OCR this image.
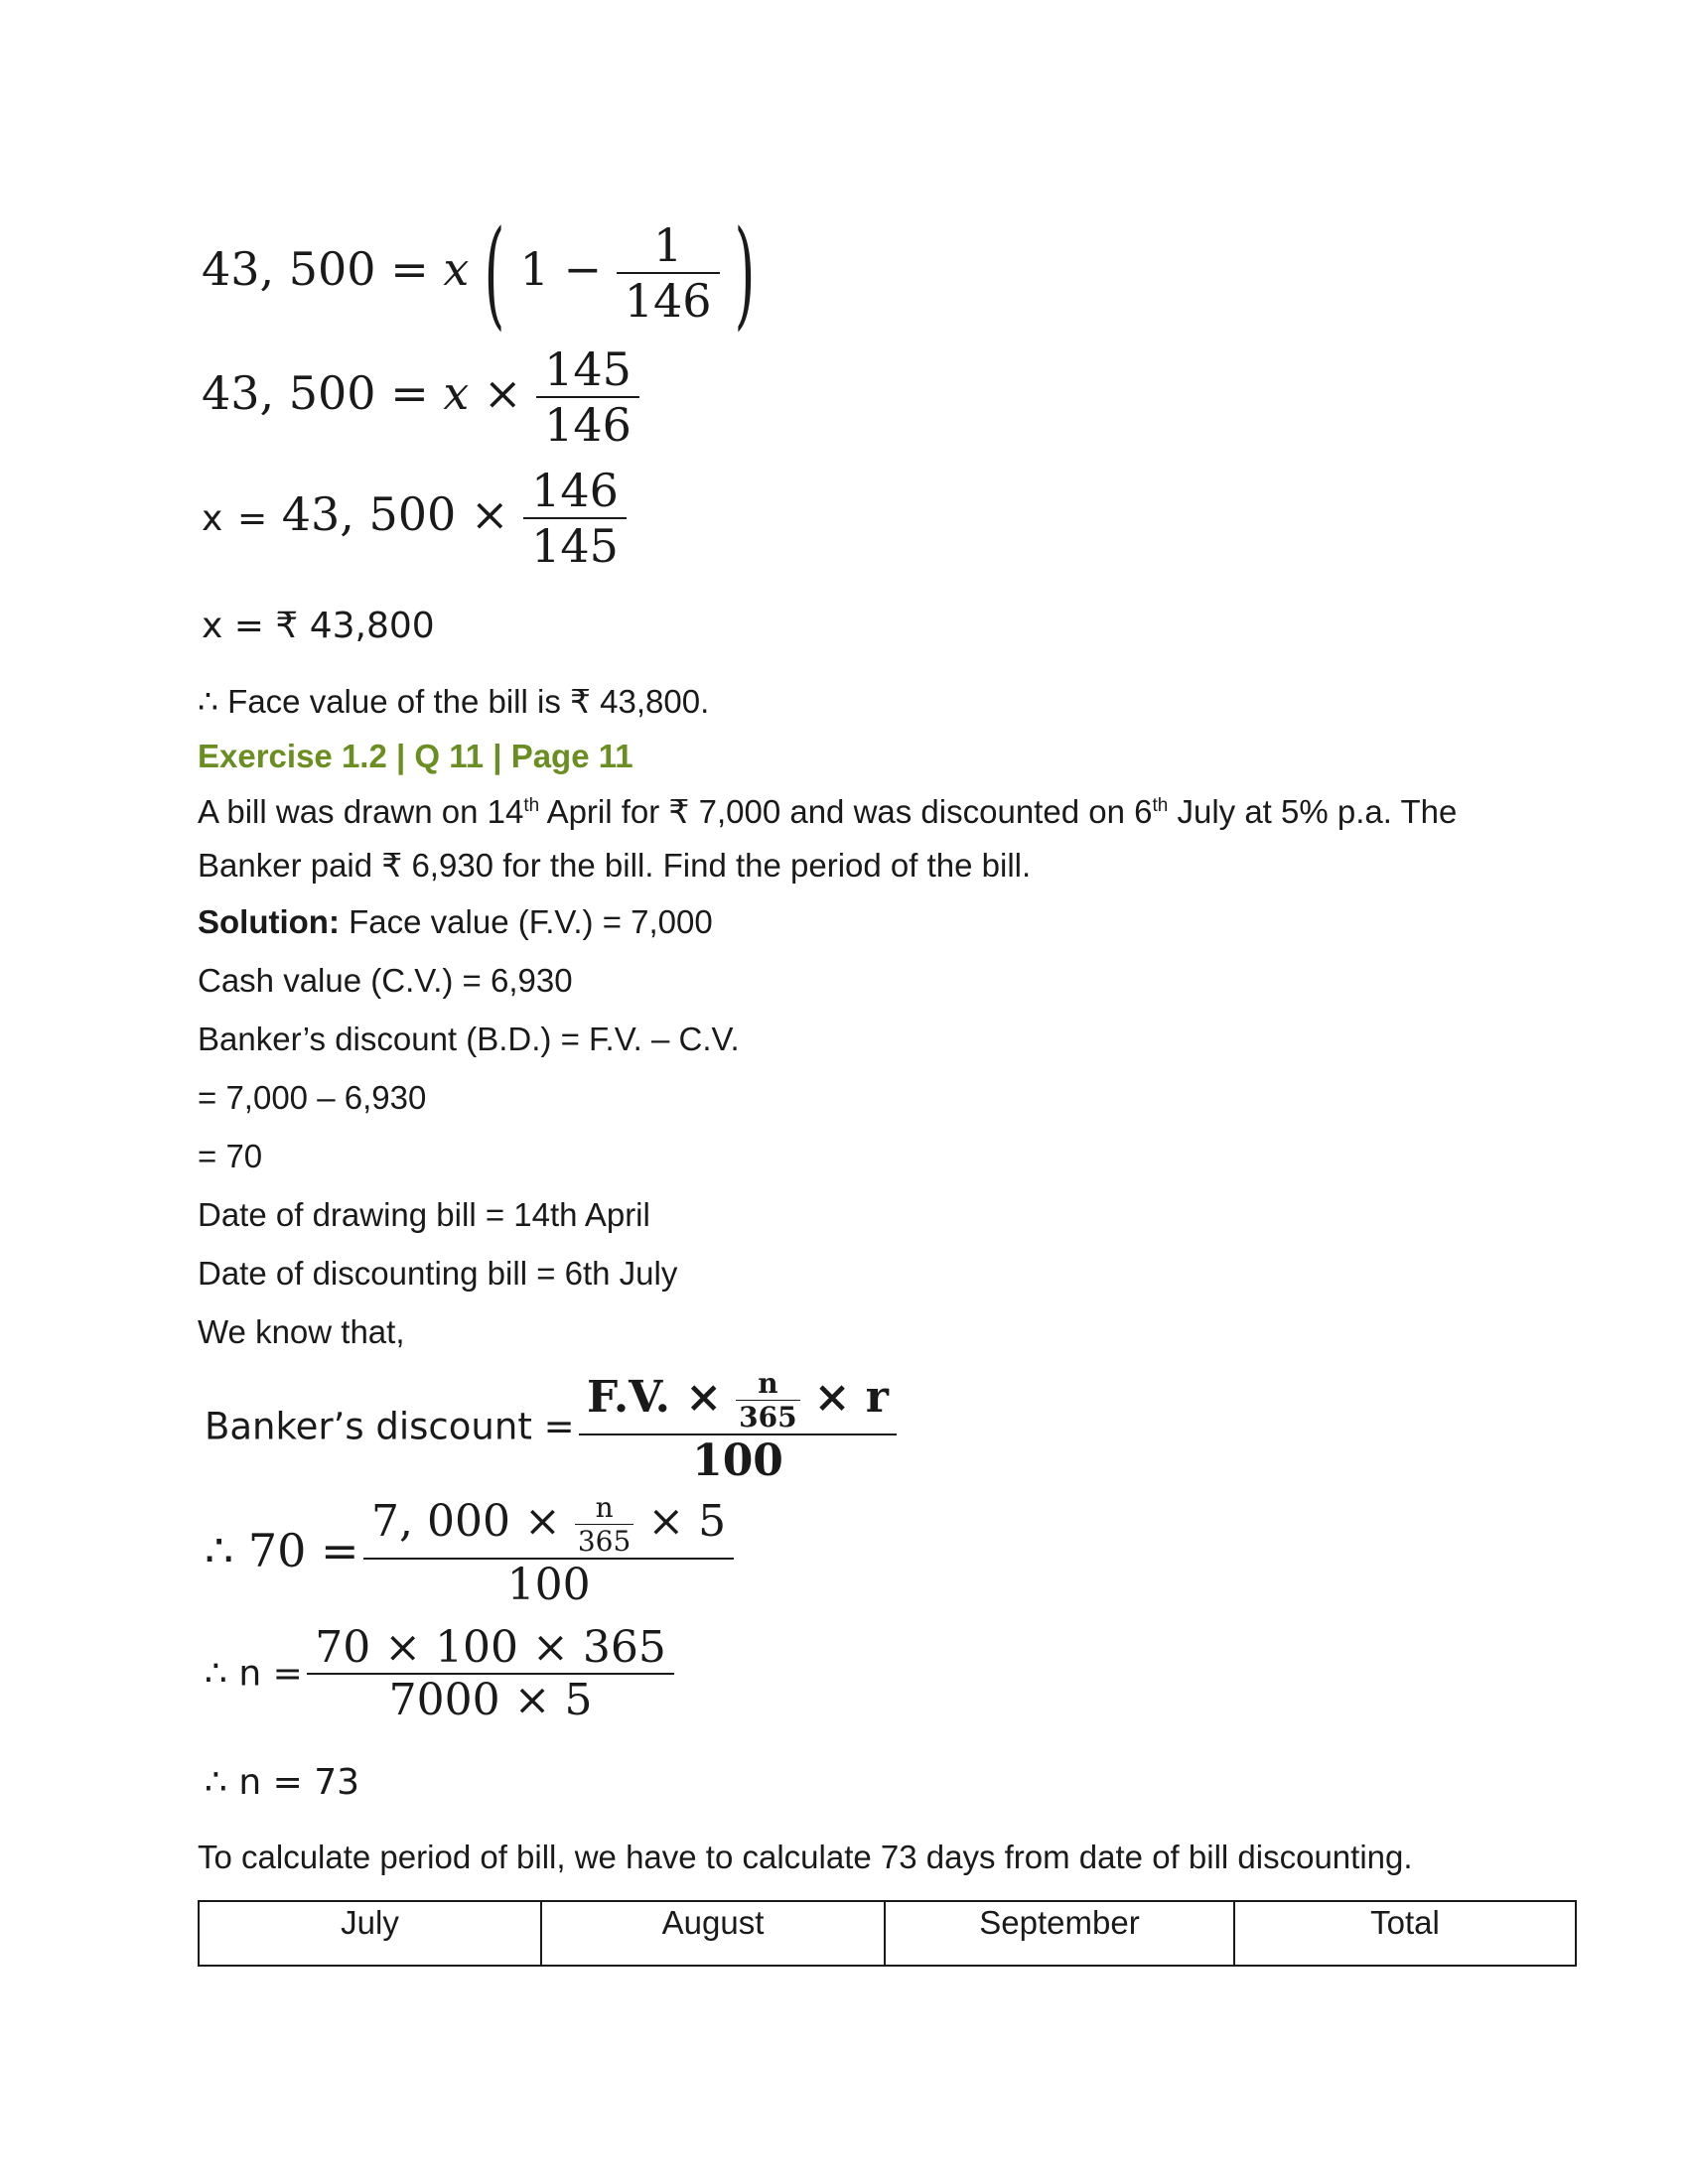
43, 500 = x ( $1 - \frac{1}{146}$ )
43, $500 = x \times \frac{145}{146}$
x = 43, $500 \times \frac{146}{145}$
x = ₹ 43,800
∴ Face value of the bill is ₹ 43,800.
Exercise 1.2 | Q 11 | Page 11
A bill was drawn on 14th April for ₹ 7,000 and was discounted on 6th July at 5% p.a. The
Banker paid ₹ 6,930 for the bill. Find the period of the bill.
Solution: Face value (F.V.) = 7,000
Cash value (C.V.) = 6,930
Banker’s discount (B.D.) = F.V. – C.V.
= 7,000 – 6,930
= 70
Date of drawing bill = 14th April
Date of discounting bill = 6th July
We know that,
Banker’s discount =
F.V. × $\frac{n}{365} \times r$
100
∴ 70 =
7, $000 \times \frac{n}{365} \times 5$
100
∴ $n = \frac{70 \times 100 \times 365}{7000 \times 5}$
∴ n = 73
To calculate period of bill, we have to calculate 73 days from date of bill discounting.
July	August	September	Total
